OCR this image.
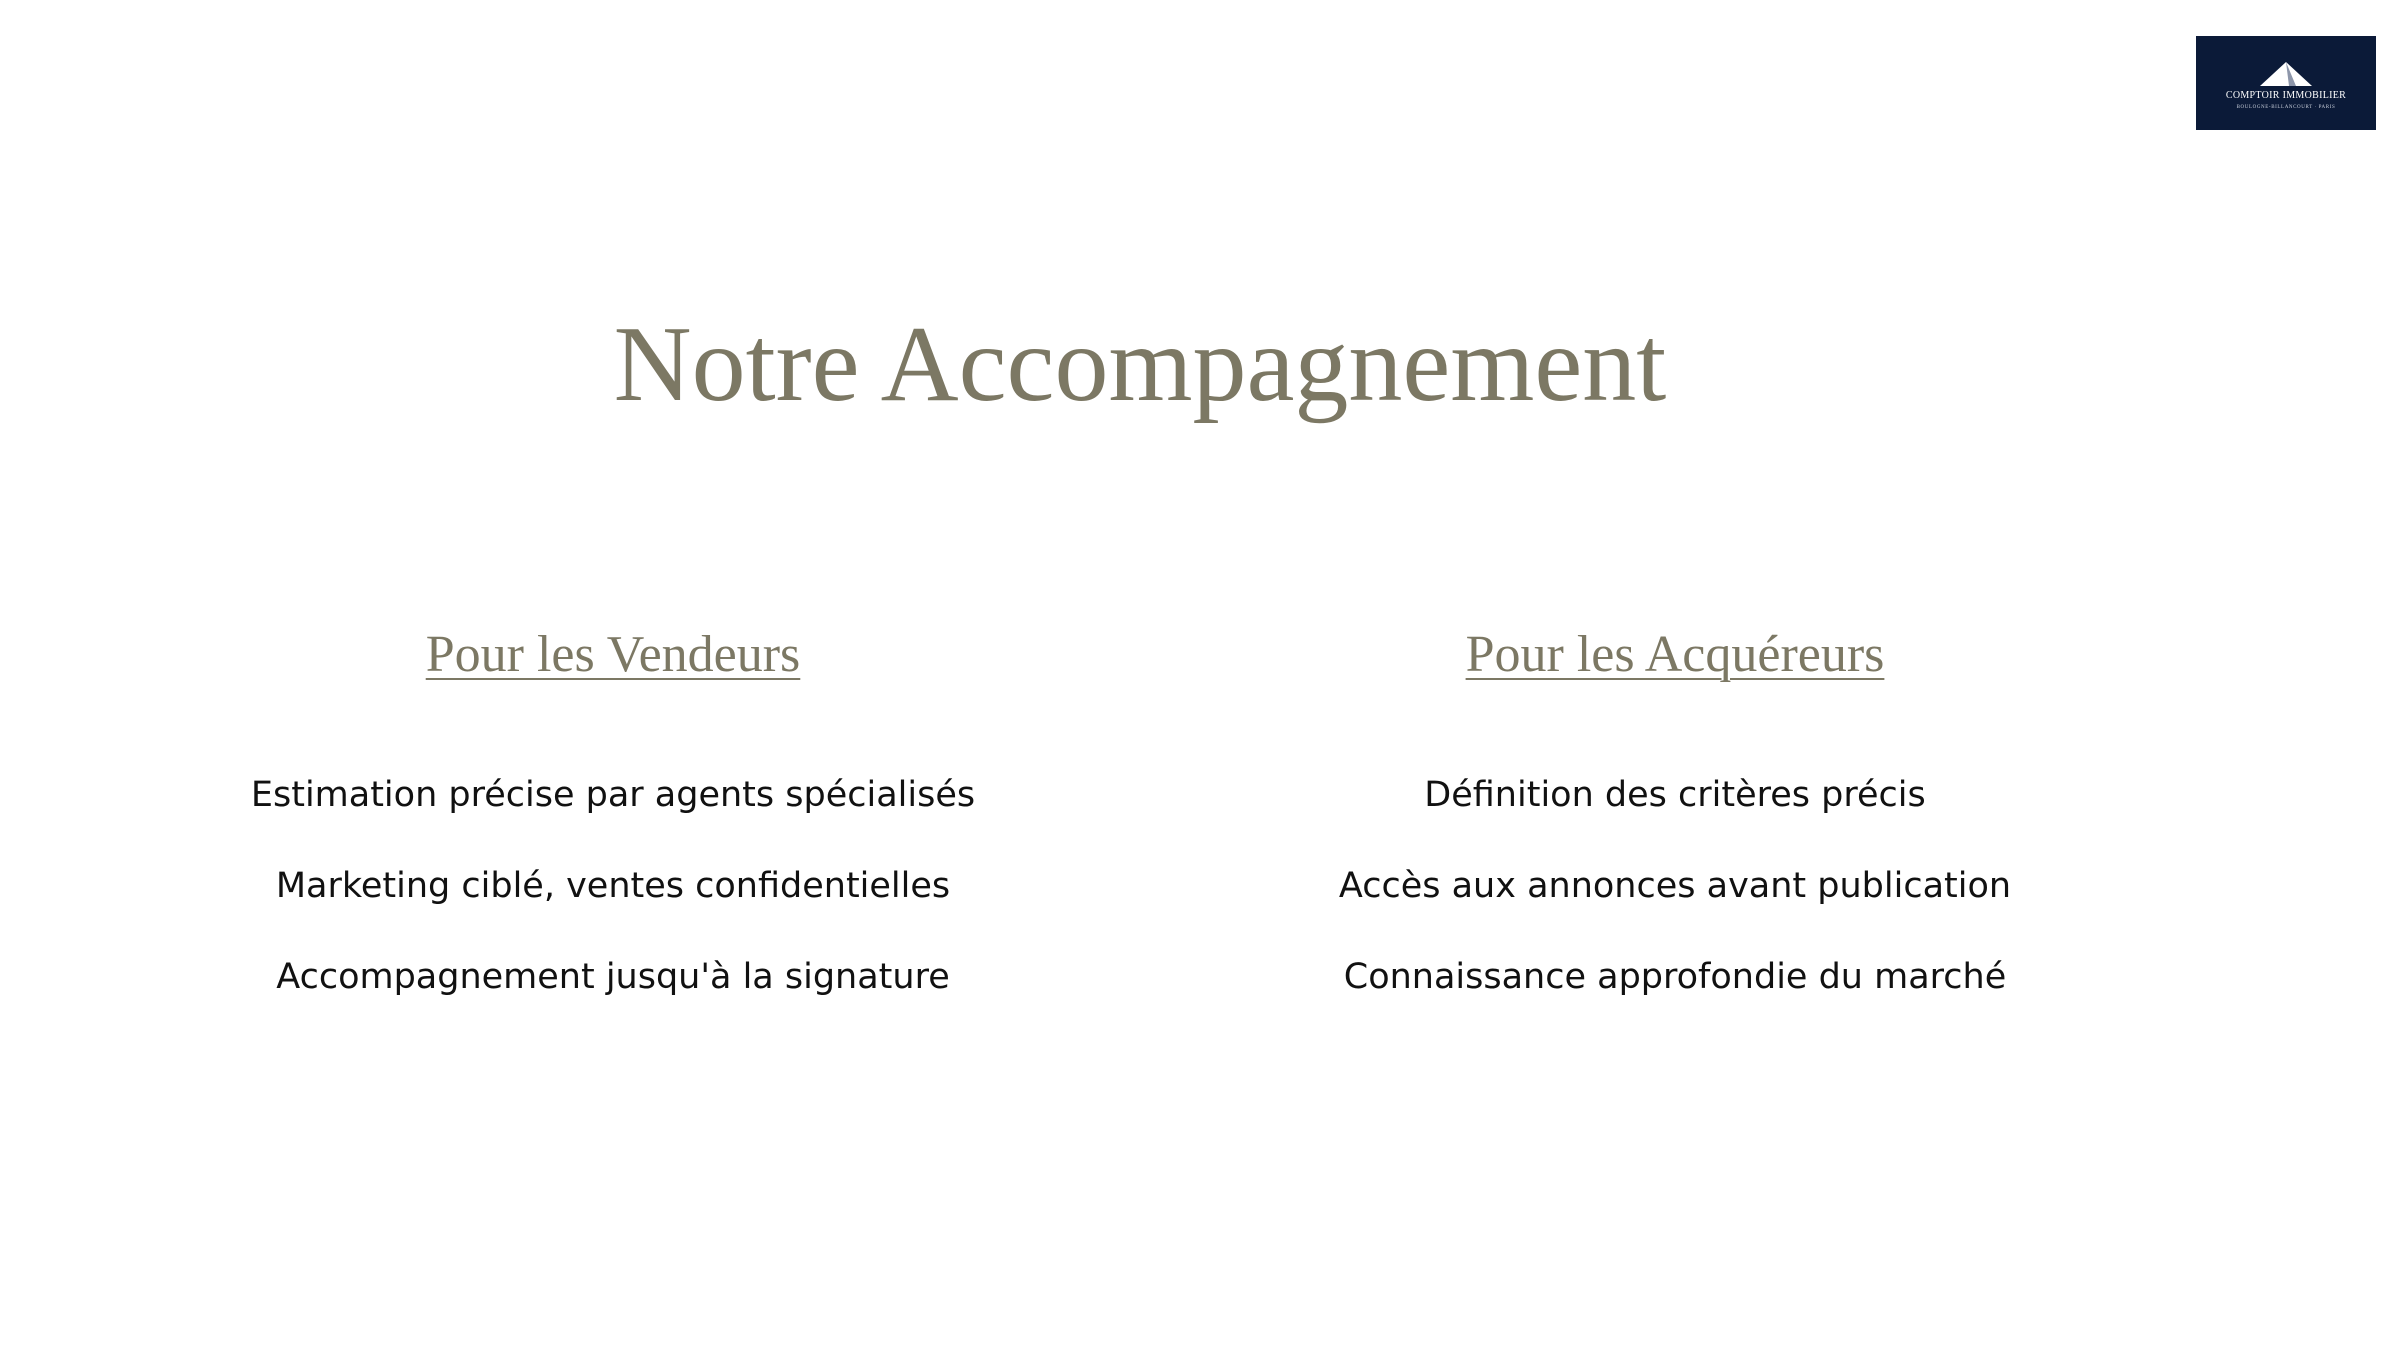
COMPTOIR IMMOBILIER
BOULOGNE-BILLANCOURT · PARIS
Notre Accompagnement
Pour les Vendeurs
Estimation précise par agents spécialisés
Marketing ciblé, ventes confidentielles
Accompagnement jusqu'à la signature
Pour les Acquéreurs
Définition des critères précis
Accès aux annonces avant publication
Connaissance approfondie du marché
